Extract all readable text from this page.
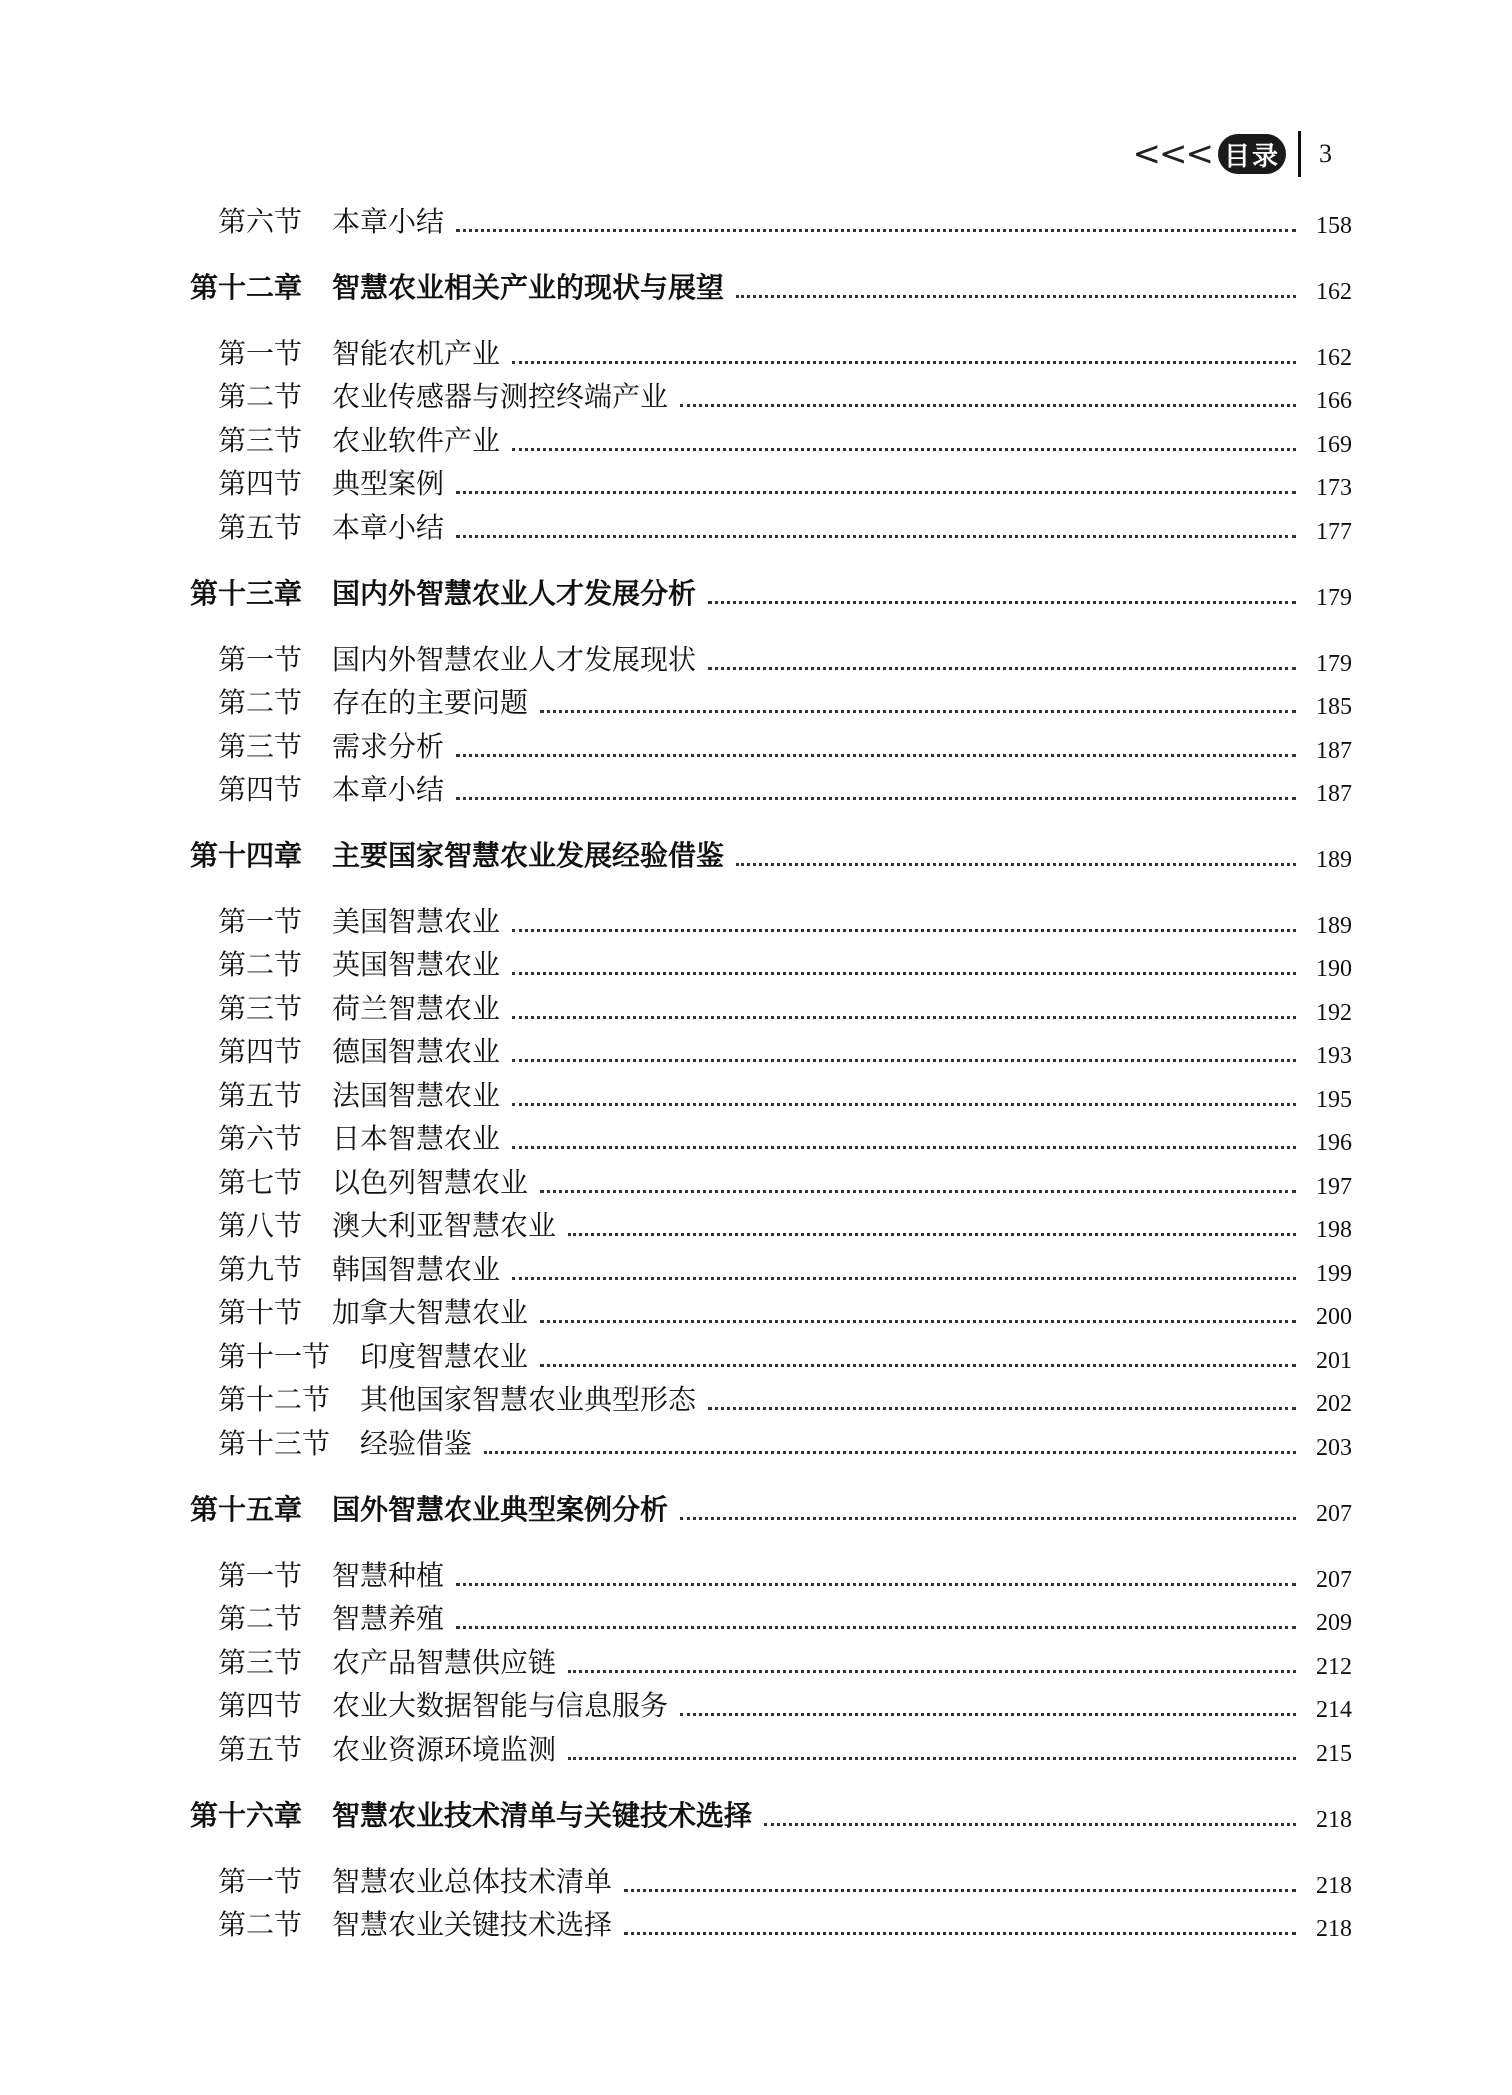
<<< 目录 3
第六节 本章小结	158
第十二章 智慧农业相关产业的现状与展望	162
第一节 智能农机产业	162
第二节 农业传感器与测控终端产业	166
第三节 农业软件产业	169
第四节 典型案例	173
第五节 本章小结	177
第十三章 国内外智慧农业人才发展分析	179
第一节 国内外智慧农业人才发展现状	179
第二节 存在的主要问题	185
第三节 需求分析	187
第四节 本章小结	187
第十四章 主要国家智慧农业发展经验借鉴	189
第一节 美国智慧农业	189
第二节 英国智慧农业	190
第三节 荷兰智慧农业	192
第四节 德国智慧农业	193
第五节 法国智慧农业	195
第六节 日本智慧农业	196
第七节 以色列智慧农业	197
第八节 澳大利亚智慧农业	198
第九节 韩国智慧农业	199
第十节 加拿大智慧农业	200
第十一节 印度智慧农业	201
第十二节 其他国家智慧农业典型形态	202
第十三节 经验借鉴	203
第十五章 国外智慧农业典型案例分析	207
第一节 智慧种植	207
第二节 智慧养殖	209
第三节 农产品智慧供应链	212
第四节 农业大数据智能与信息服务	214
第五节 农业资源环境监测	215
第十六章 智慧农业技术清单与关键技术选择	218
第一节 智慧农业总体技术清单	218
第二节 智慧农业关键技术选择	218
